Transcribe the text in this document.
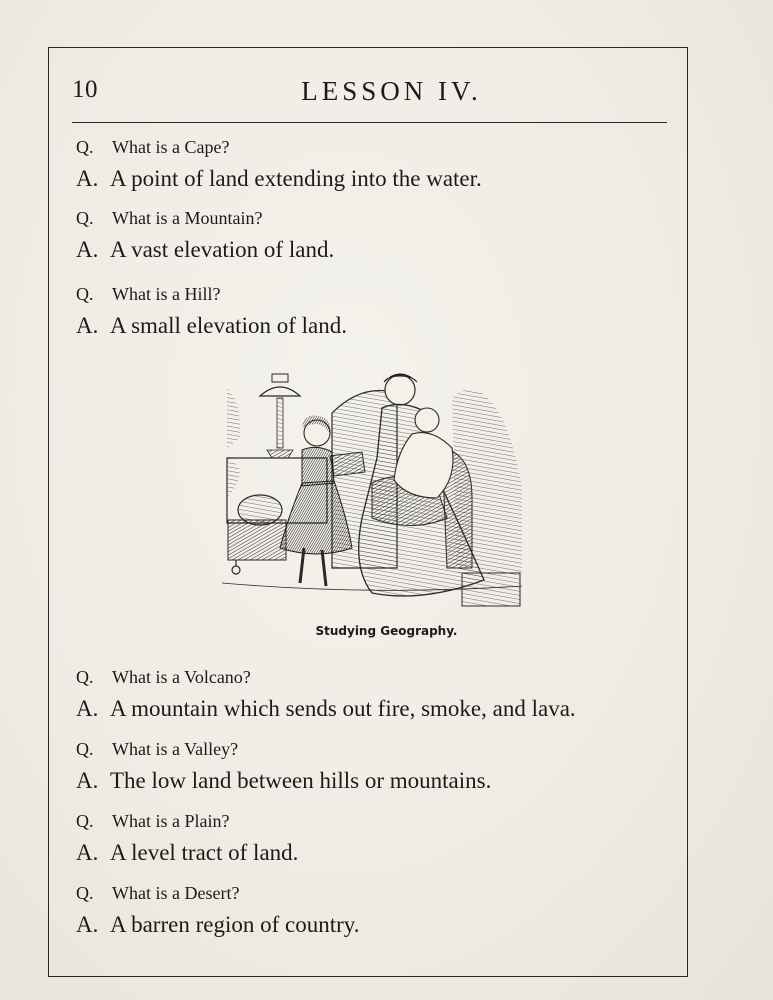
10	LESSON IV.
Q. What is a Cape?
A. A point of land extending into the water.
Q. What is a Mountain?
A. A vast elevation of land.
Q. What is a Hill?
A. A small elevation of land.
Studying Geography.
Q. What is a Volcano?
A. A mountain which sends out fire, smoke, and lava.
Q. What is a Valley?
A. The low land between hills or mountains.
Q. What is a Plain?
A. A level tract of land.
Q. What is a Desert?
A. A barren region of country.
